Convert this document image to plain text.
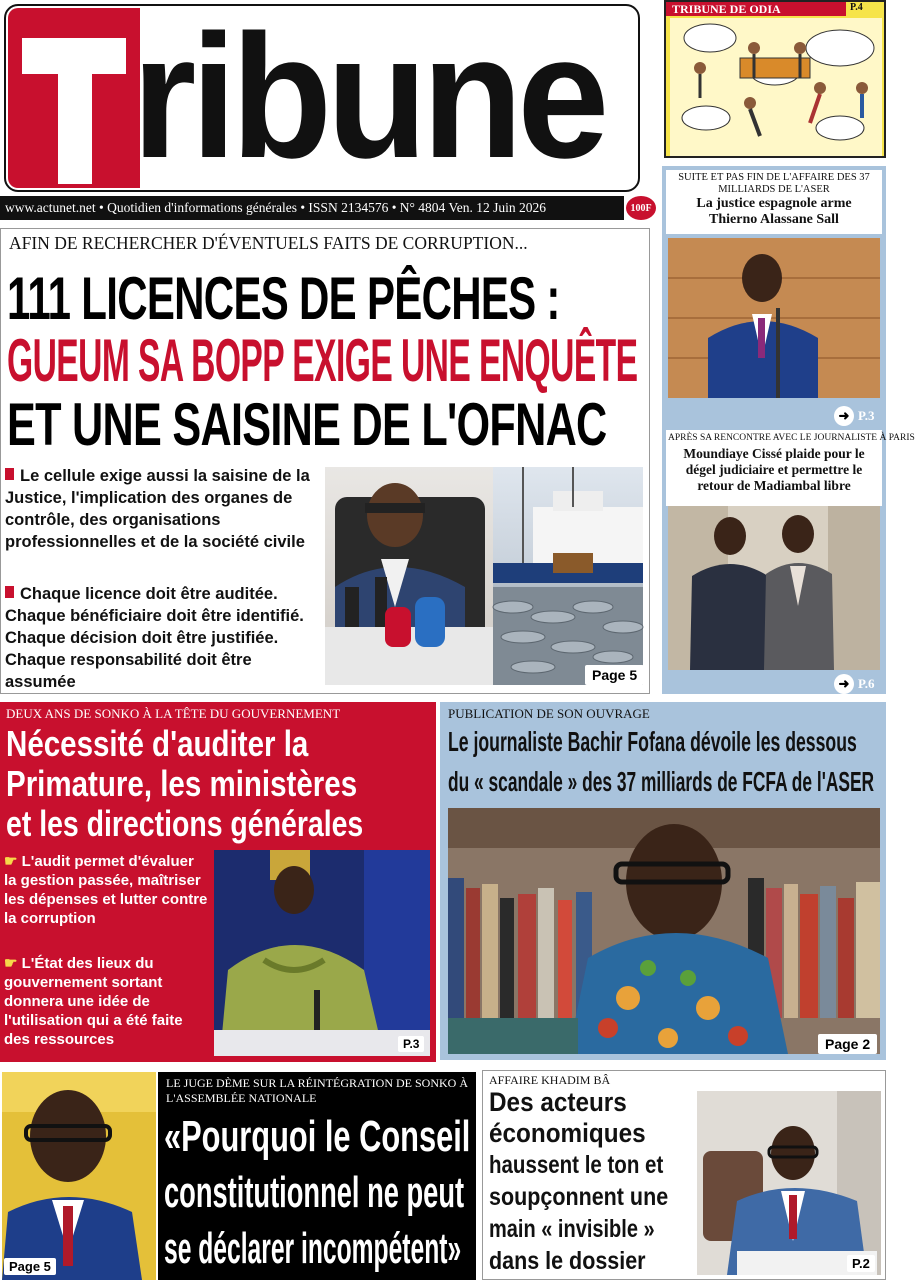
ribune
www.actunet.net • Quotidien d'informations générales • ISSN 2134576 • N° 4804 Ven. 12 Juin 2026	100F
TRIBUNE DE ODIA	P.4
AFIN DE RECHERCHER D'ÉVENTUELS FAITS DE CORRUPTION...
111 LICENCES DE PÊCHES :
GUEUM SA BOPP EXIGE UNE ENQUÊTE
ET UNE SAISINE DE L'OFNAC
Le cellule exige aussi la saisine de la Justice, l'implication des organes de contrôle, des organisations professionnelles et de la société civile
Chaque licence doit être auditée. Chaque bénéficiaire doit être identifié. Chaque décision doit être justifiée. Chaque responsabilité doit être assumée	Page 5
SUITE ET PAS FIN DE L'AFFAIRE DES 37 MILLIARDS DE L'ASER
La justice espagnole arme Thierno Alassane Sall
➜ P.3
APRÈS SA RENCONTRE AVEC LE JOURNALISTE À PARIS
Moundiaye Cissé plaide pour le dégel judiciaire et permettre le retour de Madiambal libre
➜ P.6
DEUX ANS DE SONKO À LA TÊTE DU GOUVERNEMENT
Nécessité d'auditer la
Primature, les ministères
et les directions générales
☛ L'audit permet d'évaluer la gestion passée, maîtriser les dépenses et lutter contre la corruption
☛ L'État des lieux du gouvernement sortant donnera une idée de l'utilisation qui a été faite des ressources	P.3
PUBLICATION DE SON OUVRAGE
Le journaliste Bachir Fofana dévoile les dessous
du « scandale » des 37 milliards de FCFA de l'ASER
Page 2
Page 5
LE JUGE DÈME SUR LA RÉINTÉGRATION DE SONKO À L'ASSEMBLÉE NATIONALE
«Pourquoi le Conseil
constitutionnel ne peut
se déclarer incompétent»
AFFAIRE KHADIM BÂ
Des acteurs
économiques
haussent le ton et
soupçonnent une
main « invisible »
dans le dossier	P.2
